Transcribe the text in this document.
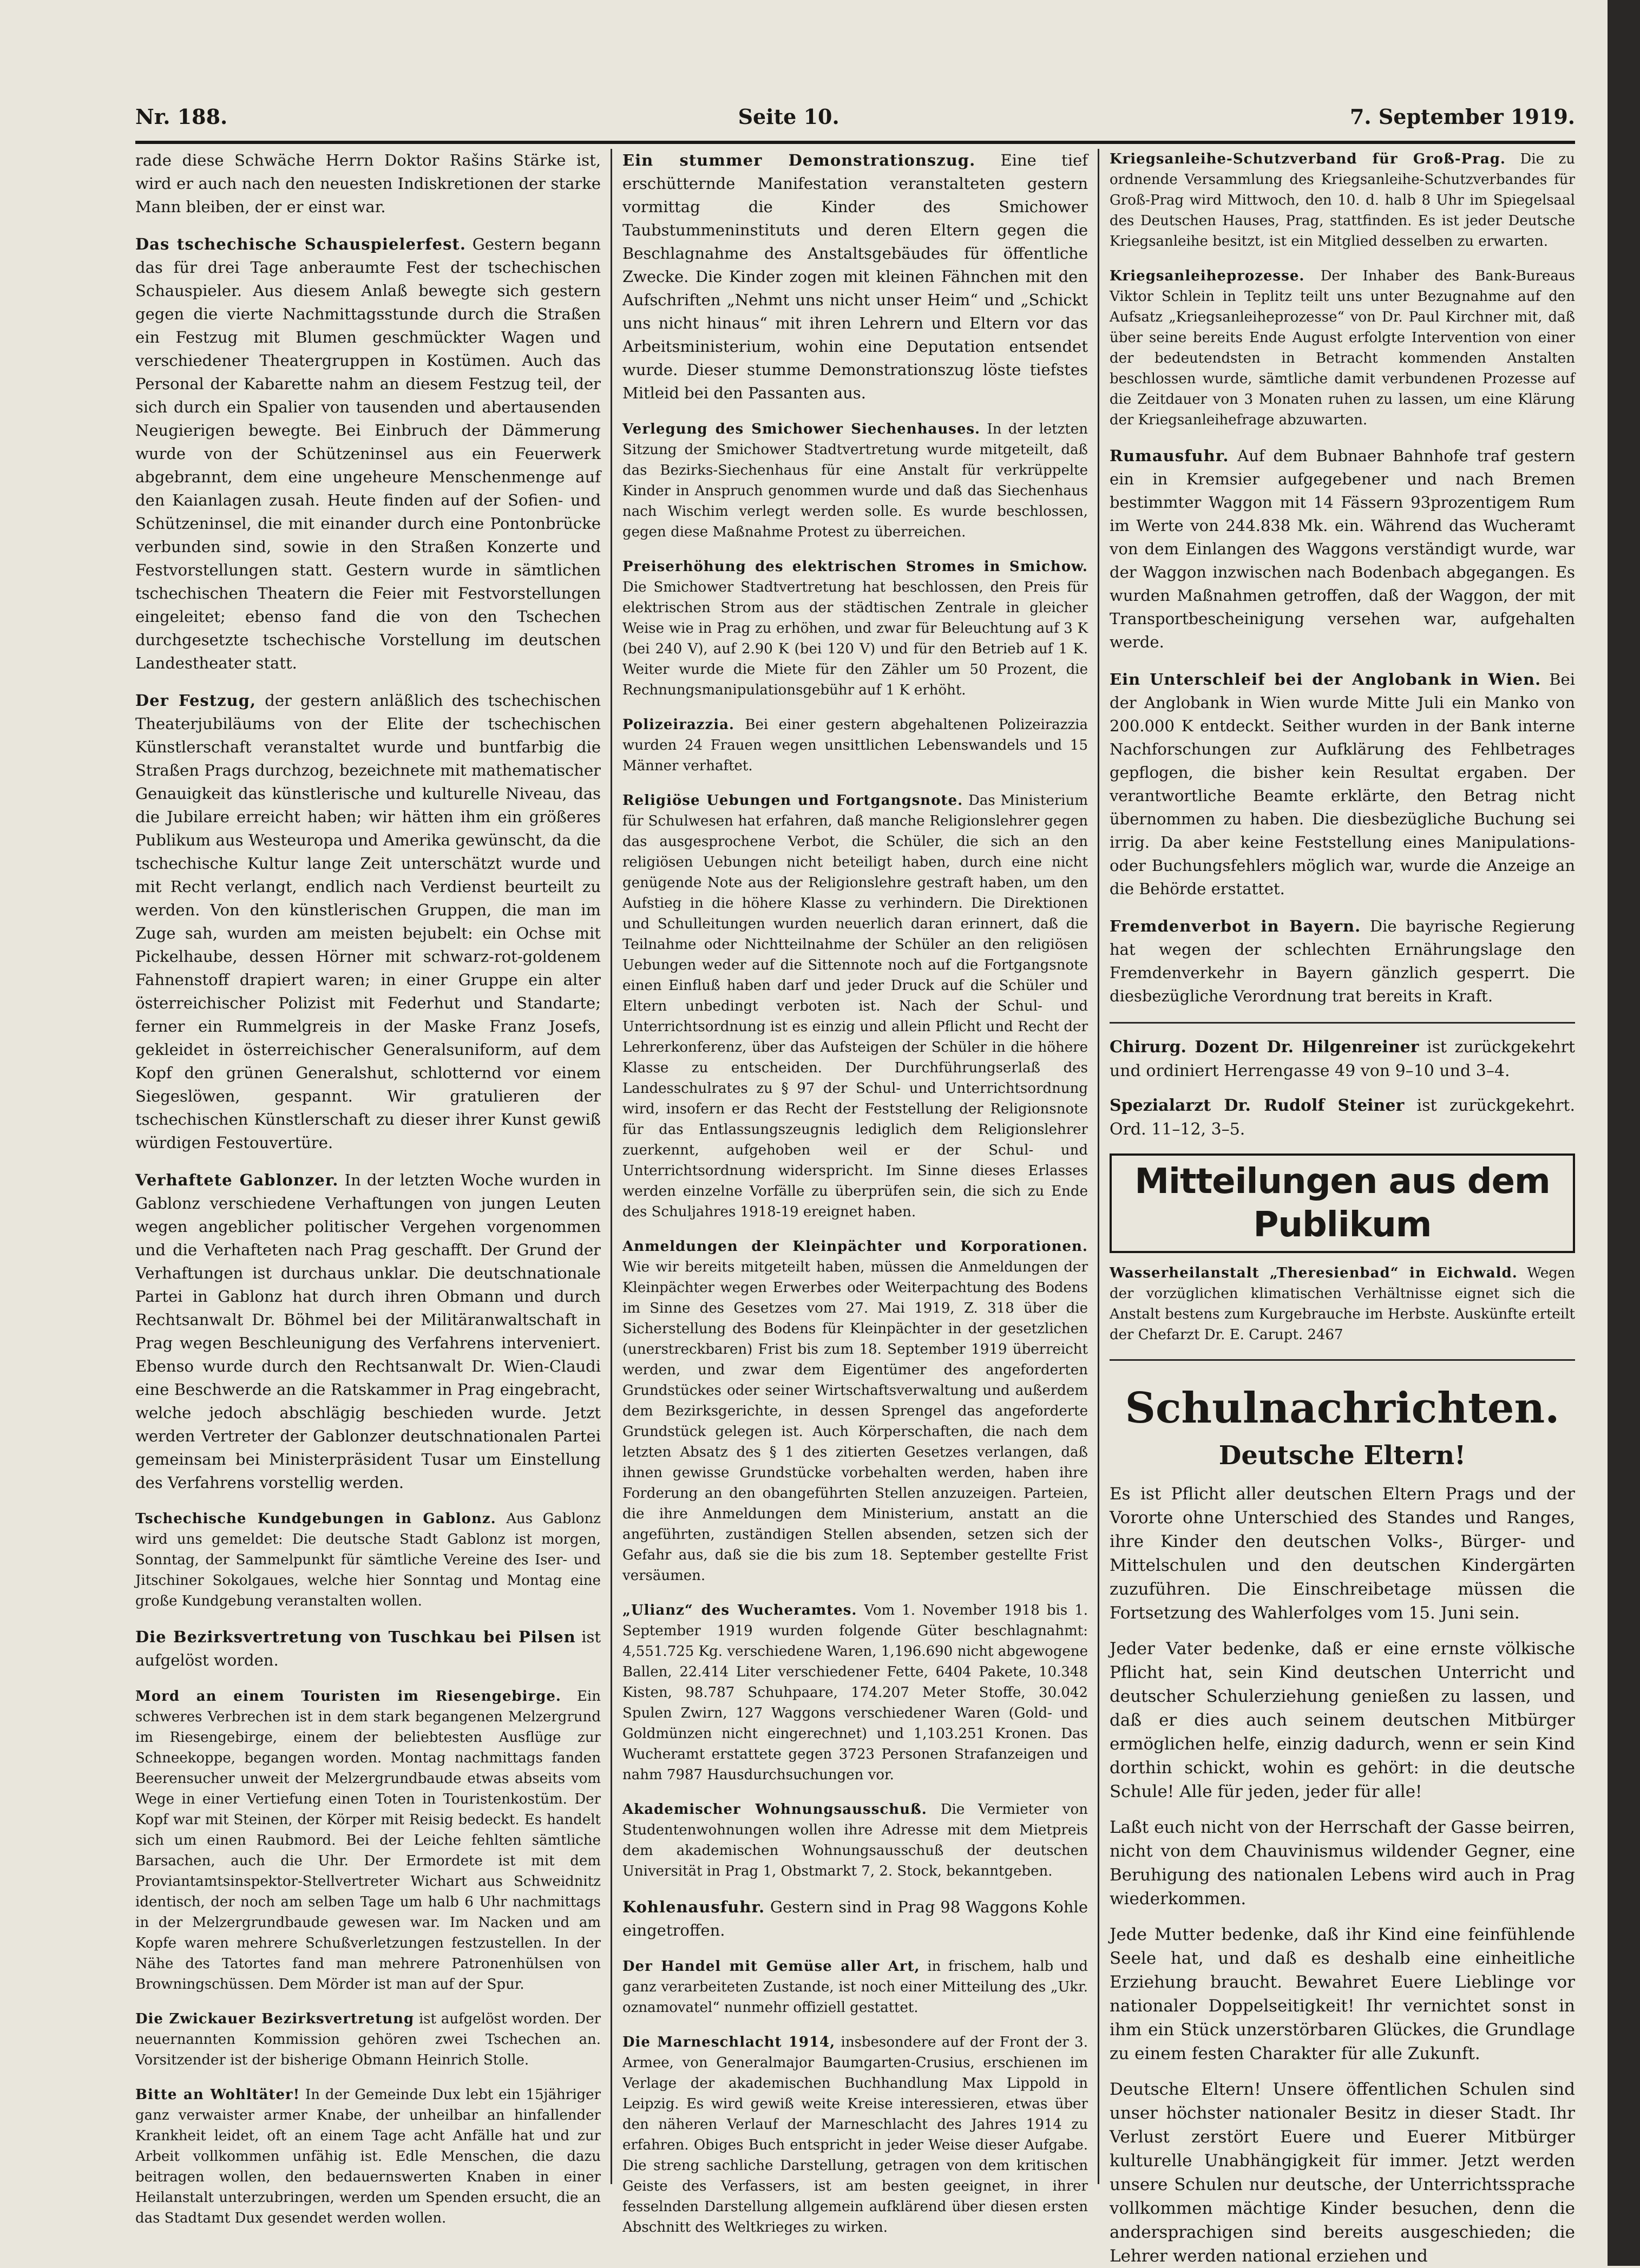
Nr. 188.	Seite 10.	7. September 1919.
rade diese Schwäche Herrn Doktor Rašins Stärke ist, wird er auch nach den neuesten Indiskretionen der starke Mann bleiben, der er einst war.
Das tschechische Schauspielerfest. Gestern begann das für drei Tage anberaumte Fest der tschechischen Schauspieler. Aus diesem Anlaß bewegte sich gestern gegen die vierte Nachmittagsstunde durch die Straßen ein Festzug mit Blumen geschmückter Wagen und verschiedener Theatergruppen in Kostümen. Auch das Personal der Kabarette nahm an diesem Festzug teil, der sich durch ein Spalier von tausenden und abertausenden Neugierigen bewegte. Bei Einbruch der Dämmerung wurde von der Schützeninsel aus ein Feuerwerk abgebrannt, dem eine ungeheure Menschenmenge auf den Kaianlagen zusah. Heute finden auf der Sofien- und Schützeninsel, die mit einander durch eine Pontonbrücke verbunden sind, sowie in den Straßen Konzerte und Festvorstellungen statt. Gestern wurde in sämtlichen tschechischen Theatern die Feier mit Festvorstellungen eingeleitet; ebenso fand die von den Tschechen durchgesetzte tschechische Vorstellung im deutschen Landestheater statt.
Der Festzug, der gestern anläßlich des tschechischen Theaterjubiläums von der Elite der tschechischen Künstlerschaft veranstaltet wurde und buntfarbig die Straßen Prags durchzog, bezeichnete mit mathematischer Genauigkeit das künstlerische und kulturelle Niveau, das die Jubilare erreicht haben; wir hätten ihm ein größeres Publikum aus Westeuropa und Amerika gewünscht, da die tschechische Kultur lange Zeit unterschätzt wurde und mit Recht verlangt, endlich nach Verdienst beurteilt zu werden. Von den künstlerischen Gruppen, die man im Zuge sah, wurden am meisten bejubelt: ein Ochse mit Pickelhaube, dessen Hörner mit schwarz-rot-goldenem Fahnenstoff drapiert waren; in einer Gruppe ein alter österreichischer Polizist mit Federhut und Standarte; ferner ein Rummelgreis in der Maske Franz Josefs, gekleidet in österreichischer Generalsuniform, auf dem Kopf den grünen Generalshut, schlotternd vor einem Siegeslöwen, gespannt. Wir gratulieren der tschechischen Künstlerschaft zu dieser ihrer Kunst gewiß würdigen Festouvertüre.
Verhaftete Gablonzer. In der letzten Woche wurden in Gablonz verschiedene Verhaftungen von jungen Leuten wegen angeblicher politischer Vergehen vorgenommen und die Verhafteten nach Prag geschafft. Der Grund der Verhaftungen ist durchaus unklar. Die deutschnationale Partei in Gablonz hat durch ihren Obmann und durch Rechtsanwalt Dr. Böhmel bei der Militäranwaltschaft in Prag wegen Beschleunigung des Verfahrens interveniert. Ebenso wurde durch den Rechtsanwalt Dr. Wien-Claudi eine Beschwerde an die Ratskammer in Prag eingebracht, welche jedoch abschlägig beschieden wurde. Jetzt werden Vertreter der Gablonzer deutschnationalen Partei gemeinsam bei Ministerpräsident Tusar um Einstellung des Verfahrens vorstellig werden.
Tschechische Kundgebungen in Gablonz. Aus Gablonz wird uns gemeldet: Die deutsche Stadt Gablonz ist morgen, Sonntag, der Sammelpunkt für sämtliche Vereine des Iser- und Jitschiner Sokolgaues, welche hier Sonntag und Montag eine große Kundgebung veranstalten wollen.
Die Bezirksvertretung von Tuschkau bei Pilsen ist aufgelöst worden.
Mord an einem Touristen im Riesengebirge. Ein schweres Verbrechen ist in dem stark begangenen Melzergrund im Riesengebirge, einem der beliebtesten Ausflüge zur Schneekoppe, begangen worden. Montag nachmittags fanden Beerensucher unweit der Melzergrundbaude etwas abseits vom Wege in einer Vertiefung einen Toten in Touristenkostüm. Der Kopf war mit Steinen, der Körper mit Reisig bedeckt. Es handelt sich um einen Raubmord. Bei der Leiche fehlten sämtliche Barsachen, auch die Uhr. Der Ermordete ist mit dem Proviantamtsinspektor-Stellvertreter Wichart aus Schweidnitz identisch, der noch am selben Tage um halb 6 Uhr nachmittags in der Melzergrundbaude gewesen war. Im Nacken und am Kopfe waren mehrere Schußverletzungen festzustellen. In der Nähe des Tatortes fand man mehrere Patronenhülsen von Browningschüssen. Dem Mörder ist man auf der Spur.
Die Zwickauer Bezirksvertretung ist aufgelöst worden. Der neuernannten Kommission gehören zwei Tschechen an. Vorsitzender ist der bisherige Obmann Heinrich Stolle.
Bitte an Wohltäter! In der Gemeinde Dux lebt ein 15jähriger ganz verwaister armer Knabe, der unheilbar an hinfallender Krankheit leidet, oft an einem Tage acht Anfälle hat und zur Arbeit vollkommen unfähig ist. Edle Menschen, die dazu beitragen wollen, den bedauernswerten Knaben in einer Heilanstalt unterzubringen, werden um Spenden ersucht, die an das Stadtamt Dux gesendet werden wollen.
Ein stummer Demonstrationszug. Eine tief erschütternde Manifestation veranstalteten gestern vormittag die Kinder des Smichower Taubstummeninstituts und deren Eltern gegen die Beschlagnahme des Anstaltsgebäudes für öffentliche Zwecke. Die Kinder zogen mit kleinen Fähnchen mit den Aufschriften „Nehmt uns nicht unser Heim“ und „Schickt uns nicht hinaus“ mit ihren Lehrern und Eltern vor das Arbeitsministerium, wohin eine Deputation entsendet wurde. Dieser stumme Demonstrationszug löste tiefstes Mitleid bei den Passanten aus.
Verlegung des Smichower Siechenhauses. In der letzten Sitzung der Smichower Stadtvertretung wurde mitgeteilt, daß das Bezirks-Siechenhaus für eine Anstalt für verkrüppelte Kinder in Anspruch genommen wurde und daß das Siechenhaus nach Wischim verlegt werden solle. Es wurde beschlossen, gegen diese Maßnahme Protest zu überreichen.
Preiserhöhung des elektrischen Stromes in Smichow. Die Smichower Stadtvertretung hat beschlossen, den Preis für elektrischen Strom aus der städtischen Zentrale in gleicher Weise wie in Prag zu erhöhen, und zwar für Beleuchtung auf 3 K (bei 240 V), auf 2.90 K (bei 120 V) und für den Betrieb auf 1 K. Weiter wurde die Miete für den Zähler um 50 Prozent, die Rechnungsmanipulationsgebühr auf 1 K erhöht.
Polizeirazzia. Bei einer gestern abgehaltenen Polizeirazzia wurden 24 Frauen wegen unsittlichen Lebenswandels und 15 Männer verhaftet.
Religiöse Uebungen und Fortgangsnote. Das Ministerium für Schulwesen hat erfahren, daß manche Religionslehrer gegen das ausgesprochene Verbot, die Schüler, die sich an den religiösen Uebungen nicht beteiligt haben, durch eine nicht genügende Note aus der Religionslehre gestraft haben, um den Aufstieg in die höhere Klasse zu verhindern. Die Direktionen und Schulleitungen wurden neuerlich daran erinnert, daß die Teilnahme oder Nichtteilnahme der Schüler an den religiösen Uebungen weder auf die Sittennote noch auf die Fortgangsnote einen Einfluß haben darf und jeder Druck auf die Schüler und Eltern unbedingt verboten ist. Nach der Schul- und Unterrichtsordnung ist es einzig und allein Pflicht und Recht der Lehrerkonferenz, über das Aufsteigen der Schüler in die höhere Klasse zu entscheiden. Der Durchführungserlaß des Landesschulrates zu § 97 der Schul- und Unterrichtsordnung wird, insofern er das Recht der Feststellung der Religionsnote für das Entlassungszeugnis lediglich dem Religionslehrer zuerkennt, aufgehoben weil er der Schul- und Unterrichtsordnung widerspricht. Im Sinne dieses Erlasses werden einzelne Vorfälle zu überprüfen sein, die sich zu Ende des Schuljahres 1918-19 ereignet haben.
Anmeldungen der Kleinpächter und Korporationen. Wie wir bereits mitgeteilt haben, müssen die Anmeldungen der Kleinpächter wegen Erwerbes oder Weiterpachtung des Bodens im Sinne des Gesetzes vom 27. Mai 1919, Z. 318 über die Sicherstellung des Bodens für Kleinpächter in der gesetzlichen (unerstreckbaren) Frist bis zum 18. September 1919 überreicht werden, und zwar dem Eigentümer des angeforderten Grundstückes oder seiner Wirtschaftsverwaltung und außerdem dem Bezirksgerichte, in dessen Sprengel das angeforderte Grundstück gelegen ist. Auch Körperschaften, die nach dem letzten Absatz des § 1 des zitierten Gesetzes verlangen, daß ihnen gewisse Grundstücke vorbehalten werden, haben ihre Forderung an den obangeführten Stellen anzuzeigen. Parteien, die ihre Anmeldungen dem Ministerium, anstatt an die angeführten, zuständigen Stellen absenden, setzen sich der Gefahr aus, daß sie die bis zum 18. September gestellte Frist versäumen.
„Ulianz“ des Wucheramtes. Vom 1. November 1918 bis 1. September 1919 wurden folgende Güter beschlagnahmt: 4,551.725 Kg. verschiedene Waren, 1,196.690 nicht abgewogene Ballen, 22.414 Liter verschiedener Fette, 6404 Pakete, 10.348 Kisten, 98.787 Schuhpaare, 174.207 Meter Stoffe, 30.042 Spulen Zwirn, 127 Waggons verschiedener Waren (Gold- und Goldmünzen nicht eingerechnet) und 1,103.251 Kronen. Das Wucheramt erstattete gegen 3723 Personen Strafanzeigen und nahm 7987 Hausdurchsuchungen vor.
Akademischer Wohnungsausschuß. Die Vermieter von Studentenwohnungen wollen ihre Adresse mit dem Mietpreis dem akademischen Wohnungsausschuß der deutschen Universität in Prag 1, Obstmarkt 7, 2. Stock, bekanntgeben.
Kohlenausfuhr. Gestern sind in Prag 98 Waggons Kohle eingetroffen.
Der Handel mit Gemüse aller Art, in frischem, halb und ganz verarbeiteten Zustande, ist noch einer Mitteilung des „Ukr. oznamovatel“ nunmehr offiziell gestattet.
Die Marneschlacht 1914, insbesondere auf der Front der 3. Armee, von Generalmajor Baumgarten-Crusius, erschienen im Verlage der akademischen Buchhandlung Max Lippold in Leipzig. Es wird gewiß weite Kreise interessieren, etwas über den näheren Verlauf der Marneschlacht des Jahres 1914 zu erfahren. Obiges Buch entspricht in jeder Weise dieser Aufgabe. Die streng sachliche Darstellung, getragen von dem kritischen Geiste des Verfassers, ist am besten geeignet, in ihrer fesselnden Darstellung allgemein aufklärend über diesen ersten Abschnitt des Weltkrieges zu wirken.
Kriegsanleihe-Schutzverband für Groß-Prag. Die zu ordnende Versammlung des Kriegsanleihe-Schutzverbandes für Groß-Prag wird Mittwoch, den 10. d. halb 8 Uhr im Spiegelsaal des Deutschen Hauses, Prag, stattfinden. Es ist jeder Deutsche Kriegsanleihe besitzt, ist ein Mitglied desselben zu erwarten.
Kriegsanleiheprozesse. Der Inhaber des Bank-Bureaus Viktor Schlein in Teplitz teilt uns unter Bezugnahme auf den Aufsatz „Kriegsanleiheprozesse“ von Dr. Paul Kirchner mit, daß über seine bereits Ende August erfolgte Intervention von einer der bedeutendsten in Betracht kommenden Anstalten beschlossen wurde, sämtliche damit verbundenen Prozesse auf die Zeitdauer von 3 Monaten ruhen zu lassen, um eine Klärung der Kriegsanleihefrage abzuwarten.
Rumausfuhr. Auf dem Bubnaer Bahnhofe traf gestern ein in Kremsier aufgegebener und nach Bremen bestimmter Waggon mit 14 Fässern 93prozentigem Rum im Werte von 244.838 Mk. ein. Während das Wucheramt von dem Einlangen des Waggons verständigt wurde, war der Waggon inzwischen nach Bodenbach abgegangen. Es wurden Maßnahmen getroffen, daß der Waggon, der mit Transportbescheinigung versehen war, aufgehalten werde.
Ein Unterschleif bei der Anglobank in Wien. Bei der Anglobank in Wien wurde Mitte Juli ein Manko von 200.000 K entdeckt. Seither wurden in der Bank interne Nachforschungen zur Aufklärung des Fehlbetrages gepflogen, die bisher kein Resultat ergaben. Der verantwortliche Beamte erklärte, den Betrag nicht übernommen zu haben. Die diesbezügliche Buchung sei irrig. Da aber keine Feststellung eines Manipulations- oder Buchungsfehlers möglich war, wurde die Anzeige an die Behörde erstattet.
Fremdenverbot in Bayern. Die bayrische Regierung hat wegen der schlechten Ernährungslage den Fremdenverkehr in Bayern gänzlich gesperrt. Die diesbezügliche Verordnung trat bereits in Kraft.
Chirurg. Dozent Dr. Hilgenreiner ist zurückgekehrt und ordiniert Herrengasse 49 von 9–10 und 3–4.
Spezialarzt Dr. Rudolf Steiner ist zurückgekehrt. Ord. 11–12, 3–5.
Mitteilungen aus dem Publikum
Wasserheilanstalt „Theresienbad“ in Eichwald. Wegen der vorzüglichen klimatischen Verhältnisse eignet sich die Anstalt bestens zum Kurgebrauche im Herbste. Auskünfte erteilt der Chefarzt Dr. E. Carupt. 2467
Schulnachrichten.
Deutsche Eltern!
Es ist Pflicht aller deutschen Eltern Prags und der Vororte ohne Unterschied des Standes und Ranges, ihre Kinder den deutschen Volks-, Bürger- und Mittelschulen und den deutschen Kindergärten zuzuführen. Die Einschreibetage müssen die Fortsetzung des Wahlerfolges vom 15. Juni sein.
Jeder Vater bedenke, daß er eine ernste völkische Pflicht hat, sein Kind deutschen Unterricht und deutscher Schulerziehung genießen zu lassen, und daß er dies auch seinem deutschen Mitbürger ermöglichen helfe, einzig dadurch, wenn er sein Kind dorthin schickt, wohin es gehört: in die deutsche Schule! Alle für jeden, jeder für alle!
Laßt euch nicht von der Herrschaft der Gasse beirren, nicht von dem Chauvinismus wildender Gegner, eine Beruhigung des nationalen Lebens wird auch in Prag wiederkommen.
Jede Mutter bedenke, daß ihr Kind eine feinfühlende Seele hat, und daß es deshalb eine einheitliche Erziehung braucht. Bewahret Euere Lieblinge vor nationaler Doppelseitigkeit! Ihr vernichtet sonst in ihm ein Stück unzerstörbaren Glückes, die Grundlage zu einem festen Charakter für alle Zukunft.
Deutsche Eltern! Unsere öffentlichen Schulen sind unser höchster nationaler Besitz in dieser Stadt. Ihr Verlust zerstört Euere und Euerer Mitbürger kulturelle Unabhängigkeit für immer. Jetzt werden unsere Schulen nur deutsche, der Unterrichtssprache vollkommen mächtige Kinder besuchen, denn die andersprachigen sind bereits ausgeschieden; die Lehrer werden national erziehen und
